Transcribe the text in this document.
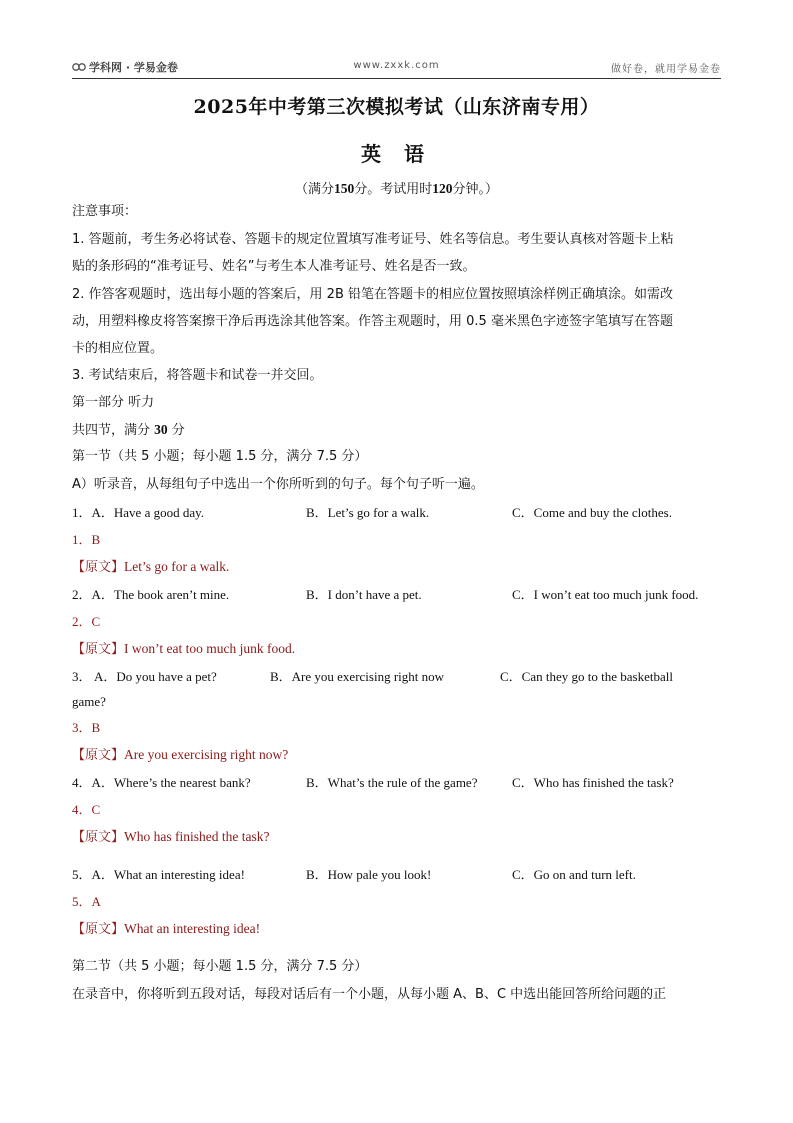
学科网 · 学易金卷	www.zxxk.com	做好卷，就用学易金卷
2025年中考第三次模拟考试（山东济南专用）
英 语
（满分150分。考试用时120分钟。）
注意事项：
1. 答题前，考生务必将试卷、答题卡的规定位置填写准考证号、姓名等信息。考生要认真核对答题卡上粘
贴的条形码的“准考证号、姓名”与考生本人准考证号、姓名是否一致。
2. 作答客观题时，选出每小题的答案后，用 2B 铅笔在答题卡的相应位置按照填涂样例正确填涂。如需改
动，用塑料橡皮将答案擦干净后再选涂其他答案。作答主观题时，用 0.5 毫米黑色字迹签字笔填写在答题
卡的相应位置。
3. 考试结束后，将答题卡和试卷一并交回。
第一部分 听力
共四节，满分 30 分
第一节（共 5 小题；每小题 1.5 分，满分 7.5 分）
A）听录音，从每组句子中选出一个你所听到的句子。每个句子听一遍。
1．A．Have a good day.	B．Let’s go for a walk.	C．Come and buy the clothes.
1．B
【原文】Let’s go for a walk.
2．A．The book aren’t mine.	B．I don’t have a pet.	C．I won’t eat too much junk food.
2．C
【原文】I won’t eat too much junk food.
3． A．Do you have a pet?	B．Are you exercising right now	C．Can they go to the basketball
game?
3．B
【原文】Are you exercising right now?
4．A．Where’s the nearest bank?	B．What’s the rule of the game?	C．Who has finished the task?
4．C
【原文】Who has finished the task?
5．A．What an interesting idea!	B．How pale you look!	C．Go on and turn left.
5．A
【原文】What an interesting idea!
第二节（共 5 小题；每小题 1.5 分，满分 7.5 分）
在录音中，你将听到五段对话，每段对话后有一个小题，从每小题 A、B、C 中选出能回答所给问题的正
